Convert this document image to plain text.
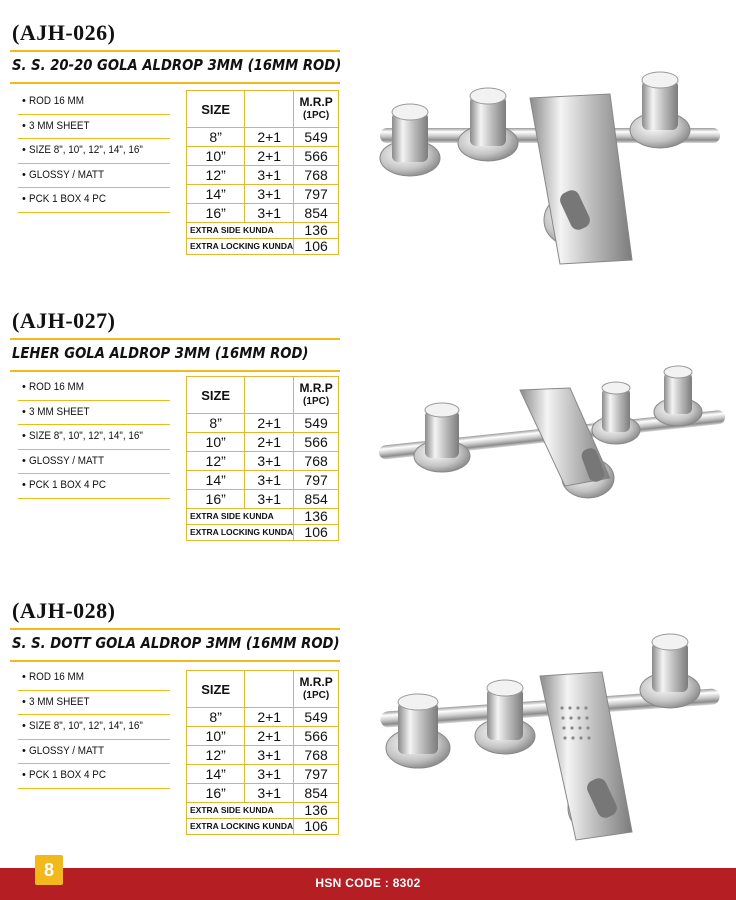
(AJH-026)
S. S. 20-20 GOLA ALDROP 3MM (16MM ROD)
• ROD 16 MM
• 3 MM SHEET
• SIZE 8", 10", 12", 14", 16"
• GLOSSY / MATT
• PCK 1 BOX 4 PC
SIZE		M.R.P
(1PC)

8”	2+1	549
10”	2+1	566
12”	3+1	768
14”	3+1	797
16”	3+1	854
EXTRA SIDE KUNDA		136
EXTRA LOCKING KUNDA		106
(AJH-027)
LEHER GOLA ALDROP 3MM (16MM ROD)
• ROD 16 MM
• 3 MM SHEET
• SIZE 8", 10", 12", 14", 16"
• GLOSSY / MATT
• PCK 1 BOX 4 PC
SIZE		M.R.P
(1PC)

8”	2+1	549
10”	2+1	566
12”	3+1	768
14”	3+1	797
16”	3+1	854
EXTRA SIDE KUNDA		136
EXTRA LOCKING KUNDA		106
(AJH-028)
S. S. DOTT GOLA ALDROP 3MM (16MM ROD)
• ROD 16 MM
• 3 MM SHEET
• SIZE 8", 10", 12", 14", 16"
• GLOSSY / MATT
• PCK 1 BOX 4 PC
SIZE		M.R.P
(1PC)

8”	2+1	549
10”	2+1	566
12”	3+1	768
14”	3+1	797
16”	3+1	854
EXTRA SIDE KUNDA		136
EXTRA LOCKING KUNDA		106
HSN CODE : 8302
8
